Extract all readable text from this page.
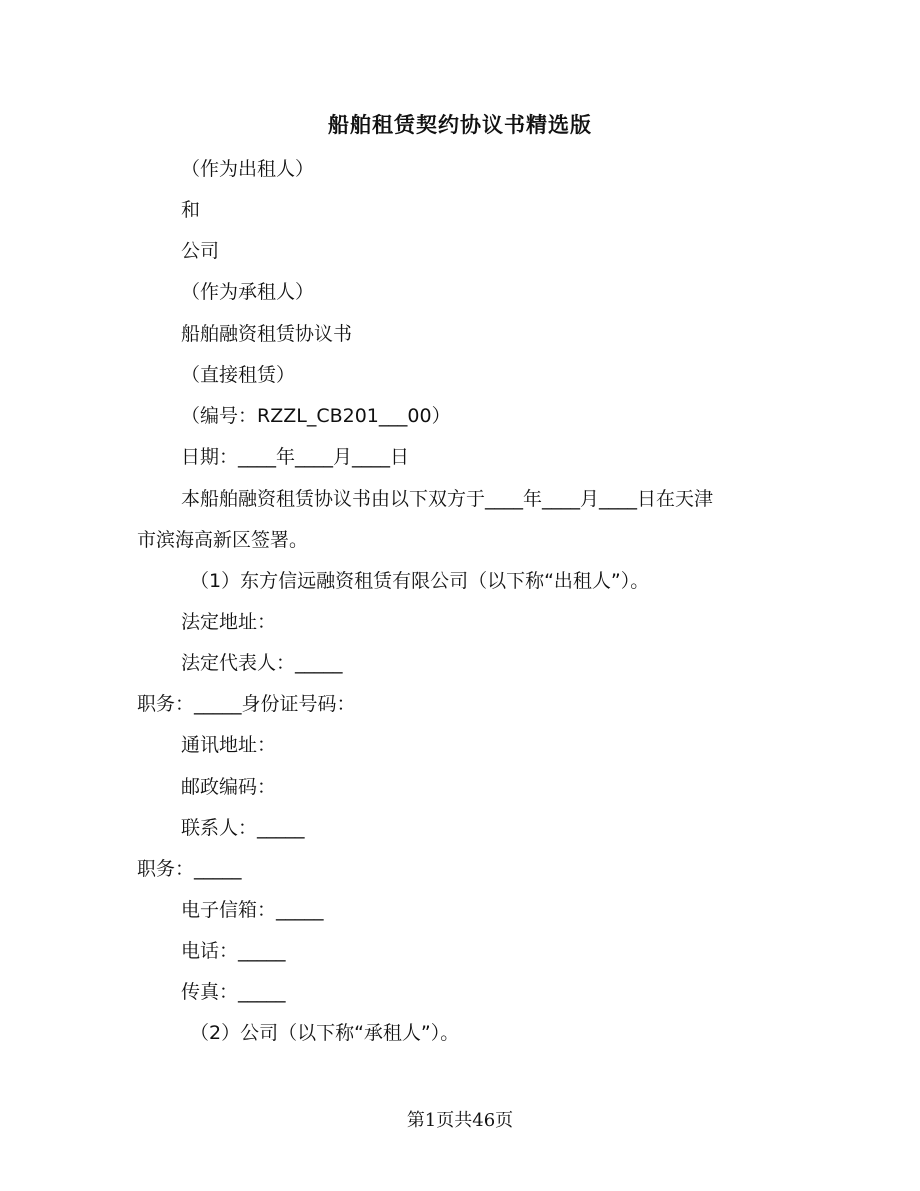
船舶租赁契约协议书精选版
（作为出租人）
和
公司
（作为承租人）
船舶融资租赁协议书
（直接租赁）
（编号：RZZL_CB201___00）
日期：____年____月____日
本船舶融资租赁协议书由以下双方于____年____月____日在天津
市滨海高新区签署。
（1）东方信远融资租赁有限公司（以下称“出租人”）。
法定地址：
法定代表人：_____
职务：_____身份证号码：
通讯地址：
邮政编码：
联系人：_____
职务：_____
电子信箱：_____
电话：_____
传真：_____
（2）公司（以下称“承租人”）。
第1页共46页
